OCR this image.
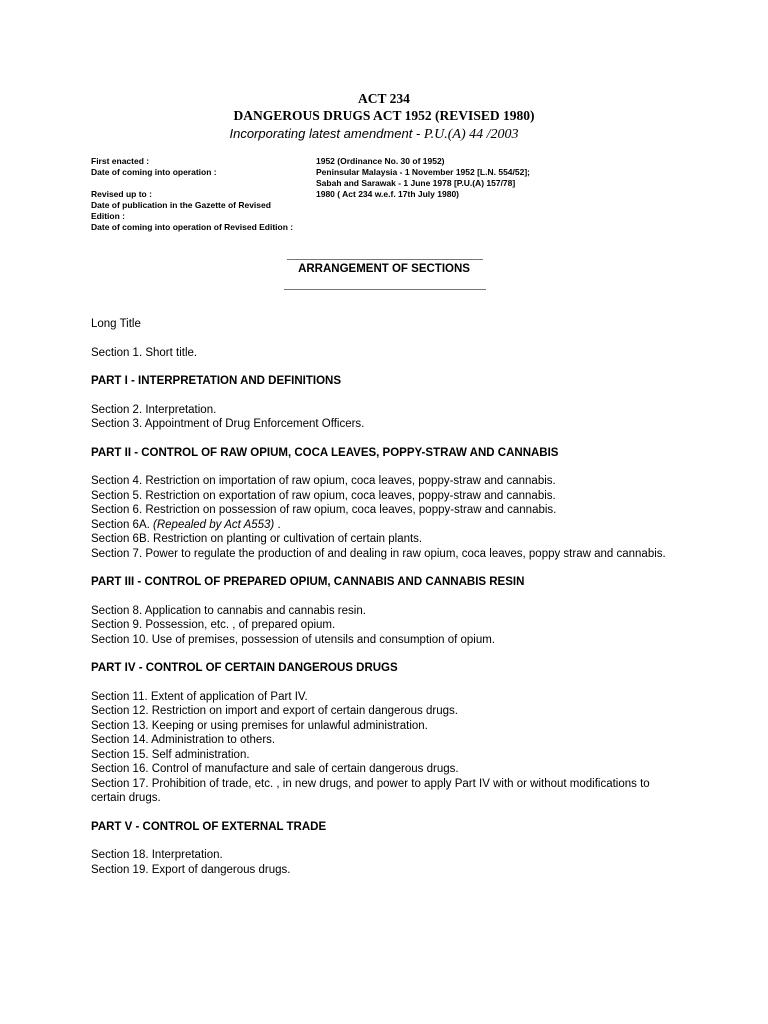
ACT 234
DANGEROUS DRUGS ACT 1952 (REVISED 1980)
Incorporating latest amendment - P.U.(A) 44 /2003
First enacted :
Date of coming into operation :
Revised up to :
Date of publication in the Gazette of Revised
Edition :
Date of coming into operation of Revised Edition :
1952 (Ordinance No. 30 of 1952)
Peninsular Malaysia - 1 November 1952 [L.N. 554/52];
Sabah and Sarawak - 1 June 1978 [P.U.(A) 157/78]
1980 ( Act 234 w.e.f. 17th July 1980)
ARRANGEMENT OF SECTIONS
Long Title
Section 1. Short title.
PART I - INTERPRETATION AND DEFINITIONS
Section 2. Interpretation.
Section 3. Appointment of Drug Enforcement Officers.
PART II - CONTROL OF RAW OPIUM, COCA LEAVES, POPPY-STRAW AND CANNABIS
Section 4. Restriction on importation of raw opium, coca leaves, poppy-straw and cannabis.
Section 5. Restriction on exportation of raw opium, coca leaves, poppy-straw and cannabis.
Section 6. Restriction on possession of raw opium, coca leaves, poppy-straw and cannabis.
Section 6A. (Repealed by Act A553) .
Section 6B. Restriction on planting or cultivation of certain plants.
Section 7. Power to regulate the production of and dealing in raw opium, coca leaves, poppy straw and cannabis.
PART III - CONTROL OF PREPARED OPIUM, CANNABIS AND CANNABIS RESIN
Section 8. Application to cannabis and cannabis resin.
Section 9. Possession, etc. , of prepared opium.
Section 10. Use of premises, possession of utensils and consumption of opium.
PART IV - CONTROL OF CERTAIN DANGEROUS DRUGS
Section 11. Extent of application of Part IV.
Section 12. Restriction on import and export of certain dangerous drugs.
Section 13. Keeping or using premises for unlawful administration.
Section 14. Administration to others.
Section 15. Self administration.
Section 16. Control of manufacture and sale of certain dangerous drugs.
Section 17. Prohibition of trade, etc. , in new drugs, and power to apply Part IV with or without modifications to certain drugs.
PART V - CONTROL OF EXTERNAL TRADE
Section 18. Interpretation.
Section 19. Export of dangerous drugs.
